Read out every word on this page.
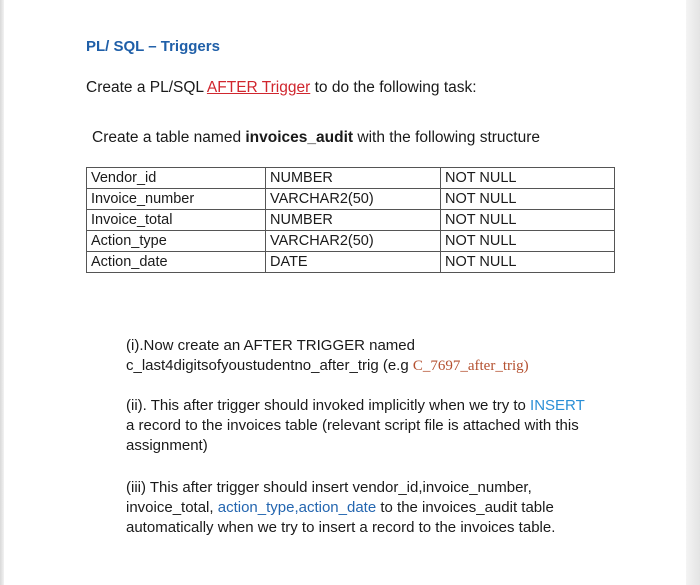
PL/ SQL – Triggers
Create a PL/SQL AFTER Trigger to do the following task:
Create a table named invoices_audit with the following structure
Vendor_id	NUMBER	NOT NULL
Invoice_number	VARCHAR2(50)	NOT NULL
Invoice_total	NUMBER	NOT NULL
Action_type	VARCHAR2(50)	NOT NULL
Action_date	DATE	NOT NULL
(i).Now create an AFTER TRIGGER named
c_last4digitsofyoustudentno_after_trig (e.g C_7697_after_trig)
(ii). This after trigger should invoked implicitly when we try to INSERT a record to the invoices table (relevant script file is attached with this assignment)
(iii) This after trigger should insert vendor_id,invoice_number, invoice_total, action_type,action_date to the invoices_audit table automatically when we try to insert a record to the invoices table.
